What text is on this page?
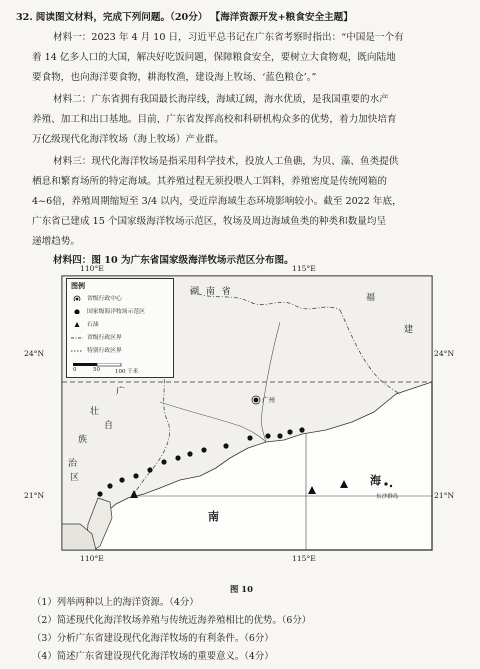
32. 阅读图文材料，完成下列问题。（20分） 【海洋资源开发+粮食安全主题】
材料一：2023 年 4 月 10 日，习近平总书记在广东省考察时指出：“中国是一个有
着 14 亿多人口的大国，解决好吃饭问题，保障粮食安全，要树立大食物观，既向陆地
要食物，也向海洋要食物，耕海牧渔，建设海上牧场、‘蓝色粮仓’。”
材料二：广东省拥有我国最长海岸线，海域辽阔，海水优质，是我国重要的水产
养殖、加工和出口基地。目前，广东省发挥高校和科研机构众多的优势，着力加快培育
万亿级现代化海洋牧场（海上牧场）产业群。
材料三：现代化海洋牧场是指采用科学技术，投放人工鱼礁，为贝、藻、鱼类提供
栖息和繁育场所的特定海域。其养殖过程无须投喂人工饵料，养殖密度是传统网箱的
4~6倍，养殖周期缩短至 3/4 以内，受近岸海域生态环境影响较小。截至 2022 年底，
广东省已建成 15 个国家级海洋牧场示范区，牧场及周边海域鱼类的种类和数量均呈
递增趋势。
材料四：图 10 为广东省国家级海洋牧场示范区分布图。
110°E	115°E
110°E	115°E
24°N
21°N
24°N
21°N
湖 南 省
福
建
广
壮
族
自
治
区
广州
海
南
东沙群岛
图例
省级行政中心
国家级海洋牧场示范区
石油
省级行政区界
特别行政区界
0	50	100 千米
图 10
（1）列举两种以上的海洋资源。（4分）
（2）简述现代化海洋牧场养殖与传统近海养殖相比的优势。（6分）
（3）分析广东省建设现代化海洋牧场的有利条件。（6分）
（4）简述广东省建设现代化海洋牧场的重要意义。（4分）
